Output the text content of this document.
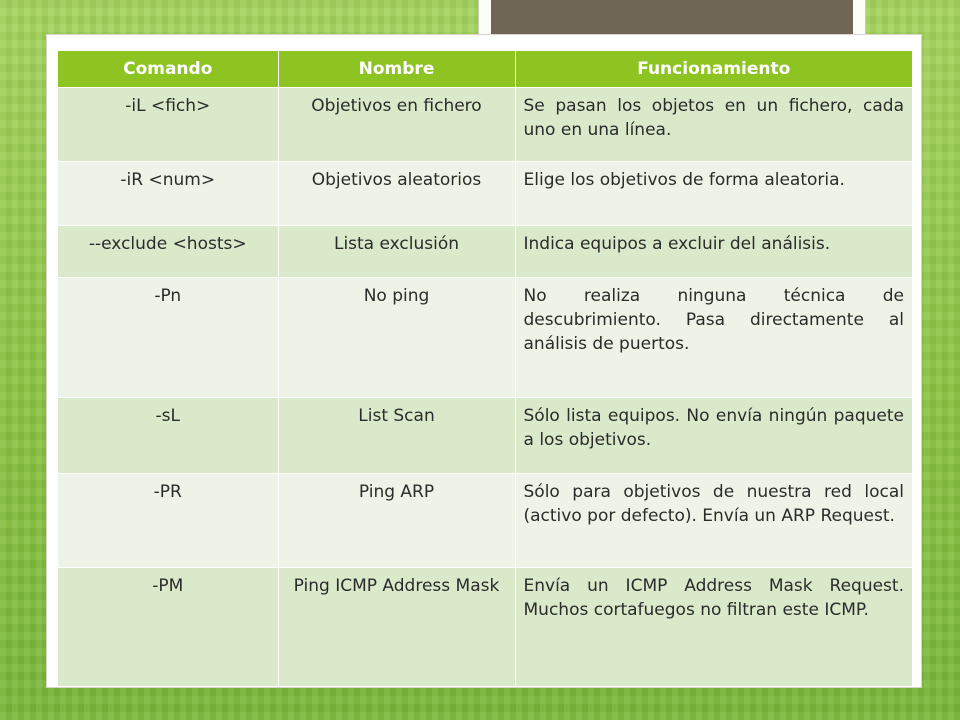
Comando	Nombre	Funcionamiento
-iL <fich>	Objetivos en fichero	Se pasan los objetos en un fichero, cada uno en una línea.
-iR <num>	Objetivos aleatorios	Elige los objetivos de forma aleatoria.
--exclude <hosts>	Lista exclusión	Indica equipos a excluir del análisis.
-Pn	No ping	No realiza ninguna técnica de descubrimiento. Pasa directamente al análisis de puertos.
-sL	List Scan	Sólo lista equipos. No envía ningún paquete a los objetivos.
-PR	Ping ARP	Sólo para objetivos de nuestra red local (activo por defecto). Envía un ARP Request.
-PM	Ping ICMP Address Mask	Envía un ICMP Address Mask Request. Muchos cortafuegos no filtran este ICMP.
